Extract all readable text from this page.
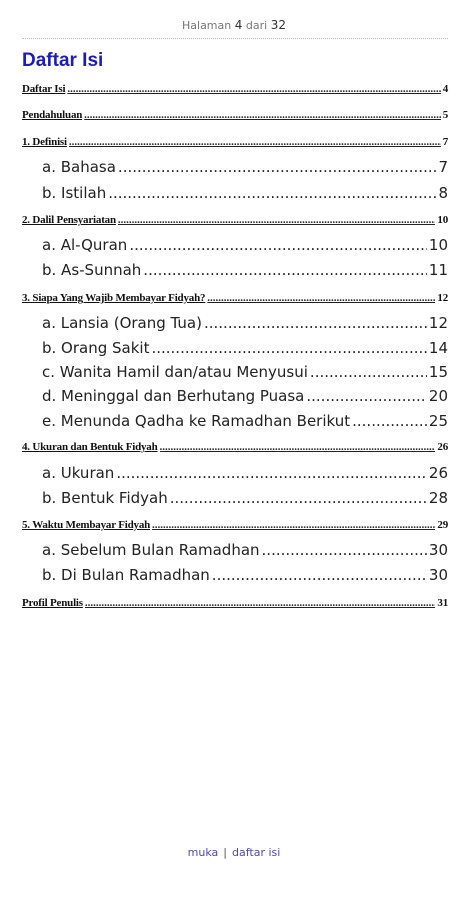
Halaman 4 dari 32
Daftar Isi
Daftar Isi .....	4
Pendahuluan .....	5
1. Definisi .....	7
a. Bahasa .....	7
b. Istilah .....	8
2. Dalil Pensyariatan .....	10
a. Al-Quran .....	10
b. As-Sunnah .....	11
3. Siapa Yang Wajib Membayar Fidyah? .....	12
a. Lansia (Orang Tua) .....	12
b. Orang Sakit .....	14
c. Wanita Hamil dan/atau Menyusui .....	15
d. Meninggal dan Berhutang Puasa .....	20
e. Menunda Qadha ke Ramadhan Berikut .....	25
4. Ukuran dan Bentuk Fidyah .....	26
a. Ukuran .....	26
b. Bentuk Fidyah .....	28
5. Waktu Membayar Fidyah .....	29
a. Sebelum Bulan Ramadhan .....	30
b. Di Bulan Ramadhan .....	30
Profil Penulis .....	31
muka | daftar isi
